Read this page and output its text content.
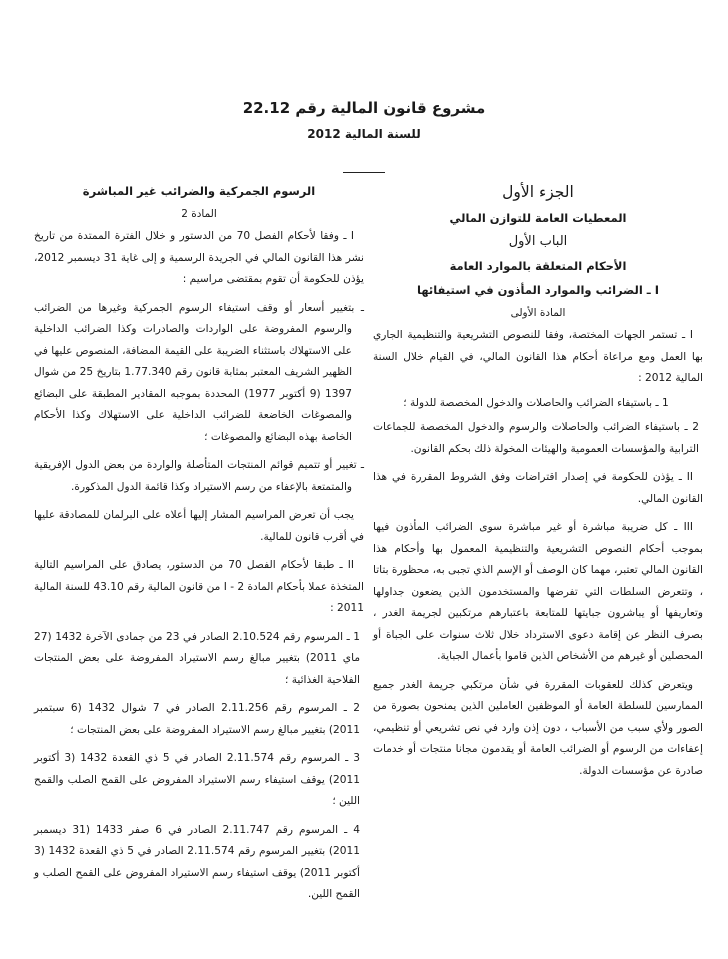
مشروع قانون المالية رقم 22.12

للسنة المالية 2012

الجزء الأول

المعطيات العامة للتوازن المالي

الباب الأول

الأحكام المتعلقة بالموارد العامة

I ـ الضرائب والموارد المأذون في استيفائها

المادة الأولى

I ـ تستمر الجهات المختصة، وفقا للنصوص التشريعية والتنظيمية الجاري بها العمل ومع مراعاة أحكام هذا القانون المالي، في القيام خلال السنة المالية 2012 :

1 ـ باستيفاء الضرائب والحاصلات والدخول المخصصة للدولة ؛

2 ـ باستيفاء الضرائب والحاصلات والرسوم والدخول المخصصة للجماعات الترابية والمؤسسات العمومية والهيئات المخولة ذلك بحكم القانون.

II ـ يؤذن للحكومة في إصدار اقتراضات وفق الشروط المقررة في هذا القانون المالي.

III ـ كل ضريبة مباشرة أو غير مباشرة سوى الضرائب المأذون فيها بموجب أحكام النصوص التشريعية والتنظيمية المعمول بها وأحكام هذا القانون المالي تعتبر، مهما كان الوصف أو الإسم الذي تجبى به، محظورة بتاتا ، وتتعرض السلطات التي تفرضها والمستخدمون الذين يضعون جداولها وتعاريفها أو يباشرون جبايتها للمتابعة باعتبارهم مرتكبين لجريمة الغدر ، بصرف النظر عن إقامة دعوى الاسترداد خلال ثلاث سنوات على الجباة أو المحصلين أو غيرهم من الأشخاص الذين قاموا بأعمال الجباية.

ويتعرض كذلك للعقوبات المقررة في شأن مرتكبي جريمة الغدر جميع الممارسين للسلطة العامة أو الموظفين العاملين الذين يمنحون بصورة من الصور ولأي سبب من الأسباب ، دون إذن وارد في نص تشريعي أو تنظيمي، إعفاءات من الرسوم أو الضرائب العامة أو يقدمون مجانا منتجات أو خدمات صادرة عن مؤسسات الدولة.

الرسوم الجمركية والضرائب غير المباشرة

المادة 2

I ـ وفقا لأحكام الفصل 70 من الدستور و خلال الفترة الممتدة من تاريخ نشر هذا القانون المالي في الجريدة الرسمية و إلى غاية 31 ديسمبر 2012، يؤذن للحكومة أن تقوم بمقتضى مراسيم :

ـ بتغيير أسعار أو وقف استيفاء الرسوم الجمركية وغيرها من الضرائب والرسوم المفروضة على الواردات والصادرات وكذا الضرائب الداخلية على الاستهلاك باستثناء الضريبة على القيمة المضافة، المنصوص عليها في الظهير الشريف المعتبر بمثابة قانون رقم 1.77.340 بتاريخ 25 من شوال 1397 (9 أكتوبر 1977) المحددة بموجبه المقادير المطبقة على البضائع والمصوغات الخاضعة للضرائب الداخلية على الاستهلاك وكذا الأحكام الخاصة بهذه البضائع والمصوغات ؛

ـ تغيير أو تتميم قوائم المنتجات المتأصلة والواردة من بعض الدول الإفريقية والمتمتعة بالإعفاء من رسم الاستيراد وكذا قائمة الدول المذكورة.

يجب أن تعرض المراسيم المشار إليها أعلاه على البرلمان للمصادقة عليها في أقرب قانون للمالية.

II ـ طبقا لأحكام الفصل 70 من الدستور، يصادق على المراسيم التالية المتخذة عملا بأحكام المادة 2 - I من قانون المالية رقم 43.10 للسنة المالية 2011 :

1 ـ المرسوم رقم 2.10.524 الصادر في 23 من جمادى الآخرة 1432 (27 ماي 2011) بتغيير مبالغ رسم الاستيراد المفروضة على بعض المنتجات الفلاحية الغذائية ؛

2 ـ المرسوم رقم 2.11.256 الصادر في 7 شوال 1432 (6 سبتمبر 2011) بتغيير مبالغ رسم الاستيراد المفروضة على بعض المنتجات ؛

3 ـ المرسوم رقم 2.11.574 الصادر في 5 ذي القعدة 1432 (3 أكتوبر 2011) يوقف استيفاء رسم الاستيراد المفروض على القمح الصلب والقمح اللين ؛

4 ـ المرسوم رقم 2.11.747 الصادر في 6 صفر 1433 (31 ديسمبر 2011) بتغيير المرسوم رقم 2.11.574 الصادر في 5 ذي القعدة 1432 (3 أكتوبر 2011) يوقف استيفاء رسم الاستيراد المفروض على القمح الصلب و القمح اللين.
